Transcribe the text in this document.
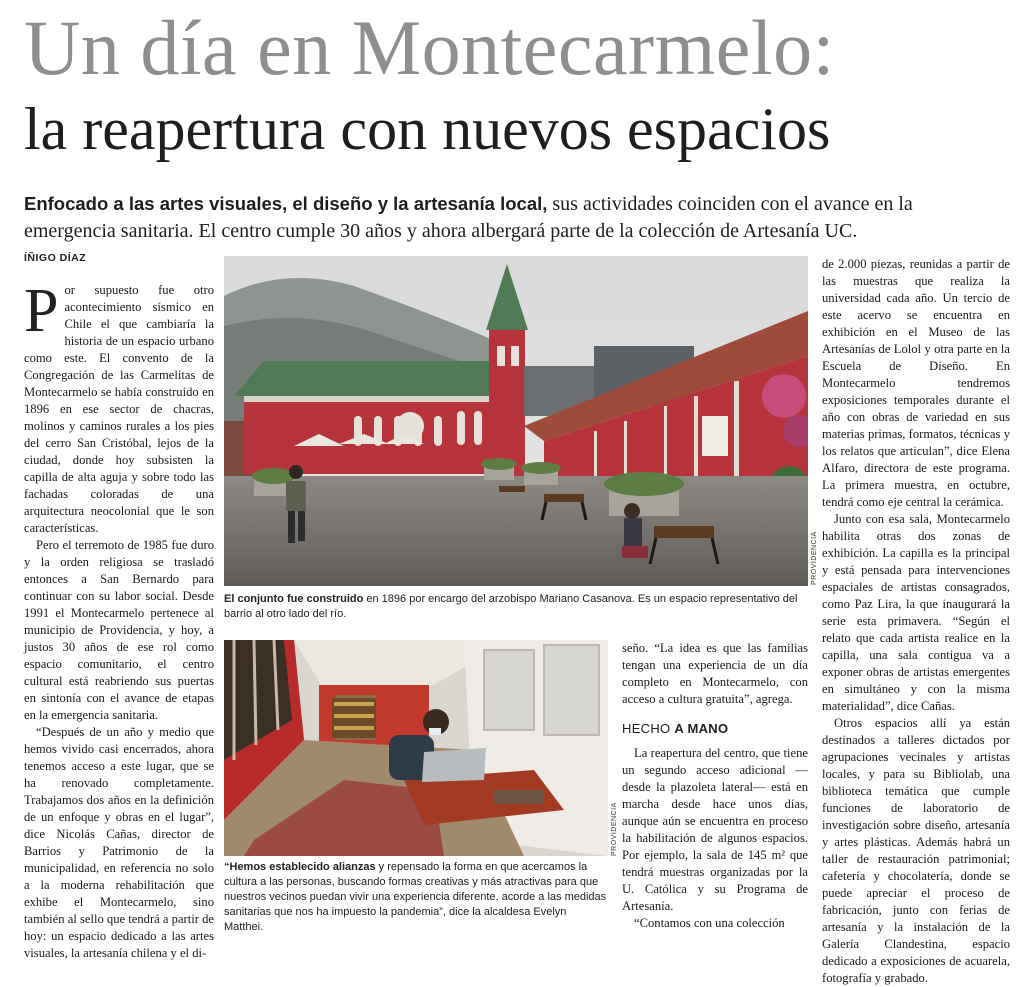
Un día en Montecarmelo:
la reapertura con nuevos espacios
Enfocado a las artes visuales, el diseño y la artesanía local, sus actividades coinciden con el avance en la emergencia sanitaria. El centro cumple 30 años y ahora albergará parte de la colección de Artesanía UC.
ÍÑIGO DÍAZ

Por supuesto fue otro acontecimiento sísmico en Chile el que cambiaría la historia de un espacio urbano como este. El convento de la Congregación de las Carmelitas de Montecarmelo se había construido en 1896 en ese sector de chacras, molinos y caminos rurales a los pies del cerro San Cristóbal, lejos de la ciudad, donde hoy subsisten la capilla de alta aguja y sobre todo las fachadas coloradas de una arquitectura neocolonial que le son características.

Pero el terremoto de 1985 fue duro y la orden religiosa se trasladó entonces a San Bernardo para continuar con su labor social. Desde 1991 el Montecarmelo pertenece al municipio de Providencia, y hoy, a justos 30 años de ese rol como espacio comunitario, el centro cultural está reabriendo sus puertas en sintonía con el avance de etapas en la emergencia sanitaria.

“Después de un año y medio que hemos vivido casi encerrados, ahora tenemos acceso a este lugar, que se ha renovado completamente. Trabajamos dos años en la definición de un enfoque y obras en el lugar”, dice Nicolás Cañas, director de Barrios y Patrimonio de la municipalidad, en referencia no solo a la moderna rehabilitación que exhibe el Montecarmelo, sino también al sello que tendrá a partir de hoy: un espacio dedicado a las artes visuales, la artesanía chilena y el di-

PROVIDENCIA
El conjunto fue construido en 1896 por encargo del arzobispo Mariano Casanova. Es un espacio representativo del barrio al otro lado del río.
PROVIDENCIA
“Hemos establecido alianzas y repensado la forma en que acercamos la cultura a las personas, buscando formas creativas y más atractivas para que nuestros vecinos puedan vivir una experiencia diferente, acorde a las medidas sanitarias que nos ha impuesto la pandemia”, dice la alcaldesa Evelyn Matthei.

seño. “La idea es que las familias tengan una experiencia de un día completo en Montecarmelo, con acceso a cultura gratuita”, agrega.

HECHO A MANO

La reapertura del centro, que tiene un segundo acceso adicional —desde la plazoleta lateral— está en marcha desde hace unos días, aunque aún se encuentra en proceso la habilitación de algunos espacios. Por ejemplo, la sala de 145 m² que tendrá muestras organizadas por la U. Católica y su Programa de Artesanía.

“Contamos con una colección

de 2.000 piezas, reunidas a partir de las muestras que realiza la universidad cada año. Un tercio de este acervo se encuentra en exhibición en el Museo de las Artesanías de Lolol y otra parte en la Escuela de Diseño. En Montecarmelo tendremos exposiciones temporales durante el año con obras de variedad en sus materias primas, formatos, técnicas y los relatos que articulan”, dice Elena Alfaro, directora de este programa. La primera muestra, en octubre, tendrá como eje central la cerámica.

Junto con esa sala, Montecarmelo habilita otras dos zonas de exhibición. La capilla es la principal y está pensada para intervenciones espaciales de artistas consagrados, como Paz Lira, la que inaugurará la serie esta primavera. “Según el relato que cada artista realice en la capilla, una sala contigua va a exponer obras de artistas emergentes en simultáneo y con la misma materialidad”, dice Cañas.

Otros espacios allí ya están destinados a talleres dictados por agrupaciones vecinales y artistas locales, y para su Bibliolab, una biblioteca temática que cumple funciones de laboratorio de investigación sobre diseño, artesanía y artes plásticas. Además habrá un taller de restauración patrimonial; cafetería y chocolatería, donde se puede apreciar el proceso de fabricación, junto con ferias de artesanía y la instalación de la Galería Clandestina, espacio dedicado a exposiciones de acuarela, fotografía y grabado.
